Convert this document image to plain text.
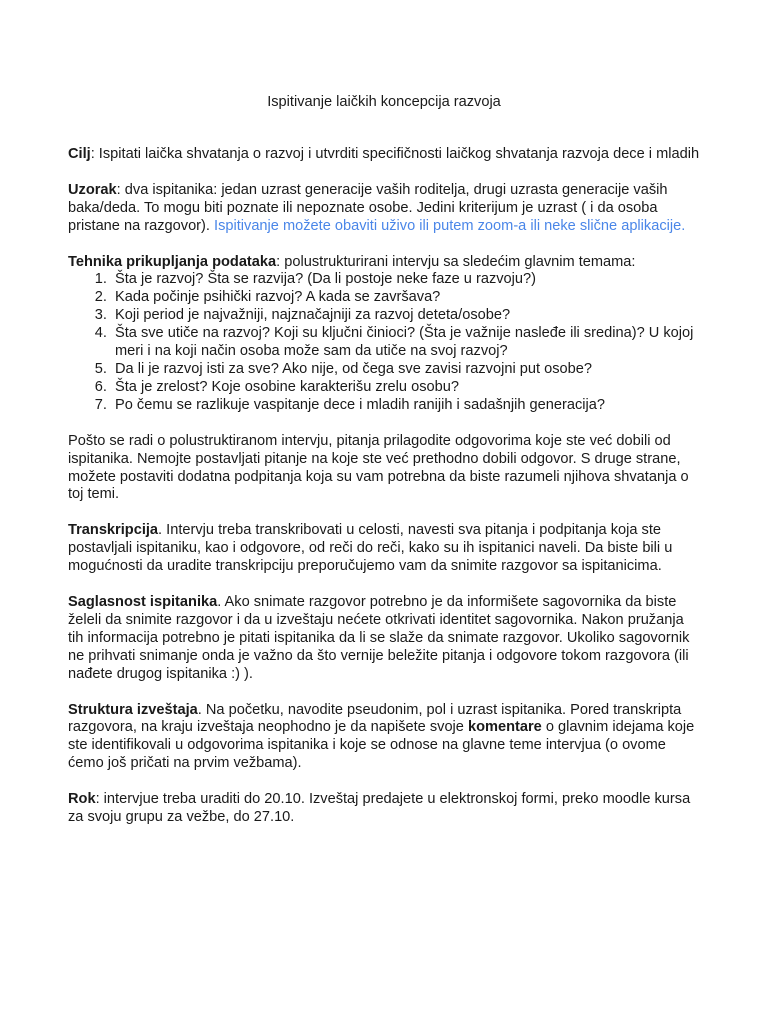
Ispitivanje laičkih koncepcija razvoja

Cilj: Ispitati laička shvatanja o razvoj i utvrditi specifičnosti laičkog shvatanja razvoja dece i mladih

Uzorak: dva ispitanika: jedan uzrast generacije vaših roditelja, drugi uzrasta generacije vaših baka/deda. To mogu biti poznate ili nepoznate osobe. Jedini kriterijum je uzrast ( i da osoba pristane na razgovor). Ispitivanje možete obaviti uživo ili putem zoom-a ili neke slične aplikacije.

Tehnika prikupljanja podataka: polustrukturirani intervju sa sledećim glavnim temama:

1. Šta je razvoj? Šta se razvija? (Da li postoje neke faze u razvoju?)
2. Kada počinje psihički razvoj? A kada se završava?
3. Koji period je najvažniji, najznačajniji za razvoj deteta/osobe?
4. Šta sve utiče na razvoj? Koji su ključni činioci? (Šta je važnije nasleđe ili sredina)? U kojoj meri i na koji način osoba može sam da utiče na svoj razvoj?
5. Da li je razvoj isti za sve? Ako nije, od čega sve zavisi razvojni put osobe?
6. Šta je zrelost? Koje osobine karakterišu zrelu osobu?
7. Po čemu se razlikuje vaspitanje dece i mladih ranijih i sadašnjih generacija?

Pošto se radi o polustruktiranom intervju, pitanja prilagodite odgovorima koje ste već dobili od ispitanika. Nemojte postavljati pitanje na koje ste već prethodno dobili odgovor. S druge strane, možete postaviti dodatna podpitanja koja su vam potrebna da biste razumeli njihova shvatanja o toj temi.

Transkripcija. Intervju treba transkribovati u celosti, navesti sva pitanja i podpitanja koja ste postavljali ispitaniku, kao i odgovore, od reči do reči, kako su ih ispitanici naveli. Da biste bili u mogućnosti da uradite transkripciju preporučujemo vam da snimite razgovor sa ispitanicima.

Saglasnost ispitanika. Ako snimate razgovor potrebno je da informišete sagovornika da biste želeli da snimite razgovor i da u izveštaju nećete otkrivati identitet sagovornika. Nakon pružanja tih informacija potrebno je pitati ispitanika da li se slaže da snimate razgovor. Ukoliko sagovornik ne prihvati snimanje onda je važno da što vernije beležite pitanja i odgovore tokom razgovora (ili nađete drugog ispitanika :) ).

Struktura izveštaja. Na početku, navodite pseudonim, pol i uzrast ispitanika. Pored transkripta razgovora, na kraju izveštaja neophodno je da napišete svoje komentare o glavnim idejama koje ste identifikovali u odgovorima ispitanika i koje se odnose na glavne teme intervjua (o ovome ćemo još pričati na prvim vežbama).

Rok: intervjue treba uraditi do 20.10. Izveštaj predajete u elektronskoj formi, preko moodle kursa za svoju grupu za vežbe, do 27.10.
